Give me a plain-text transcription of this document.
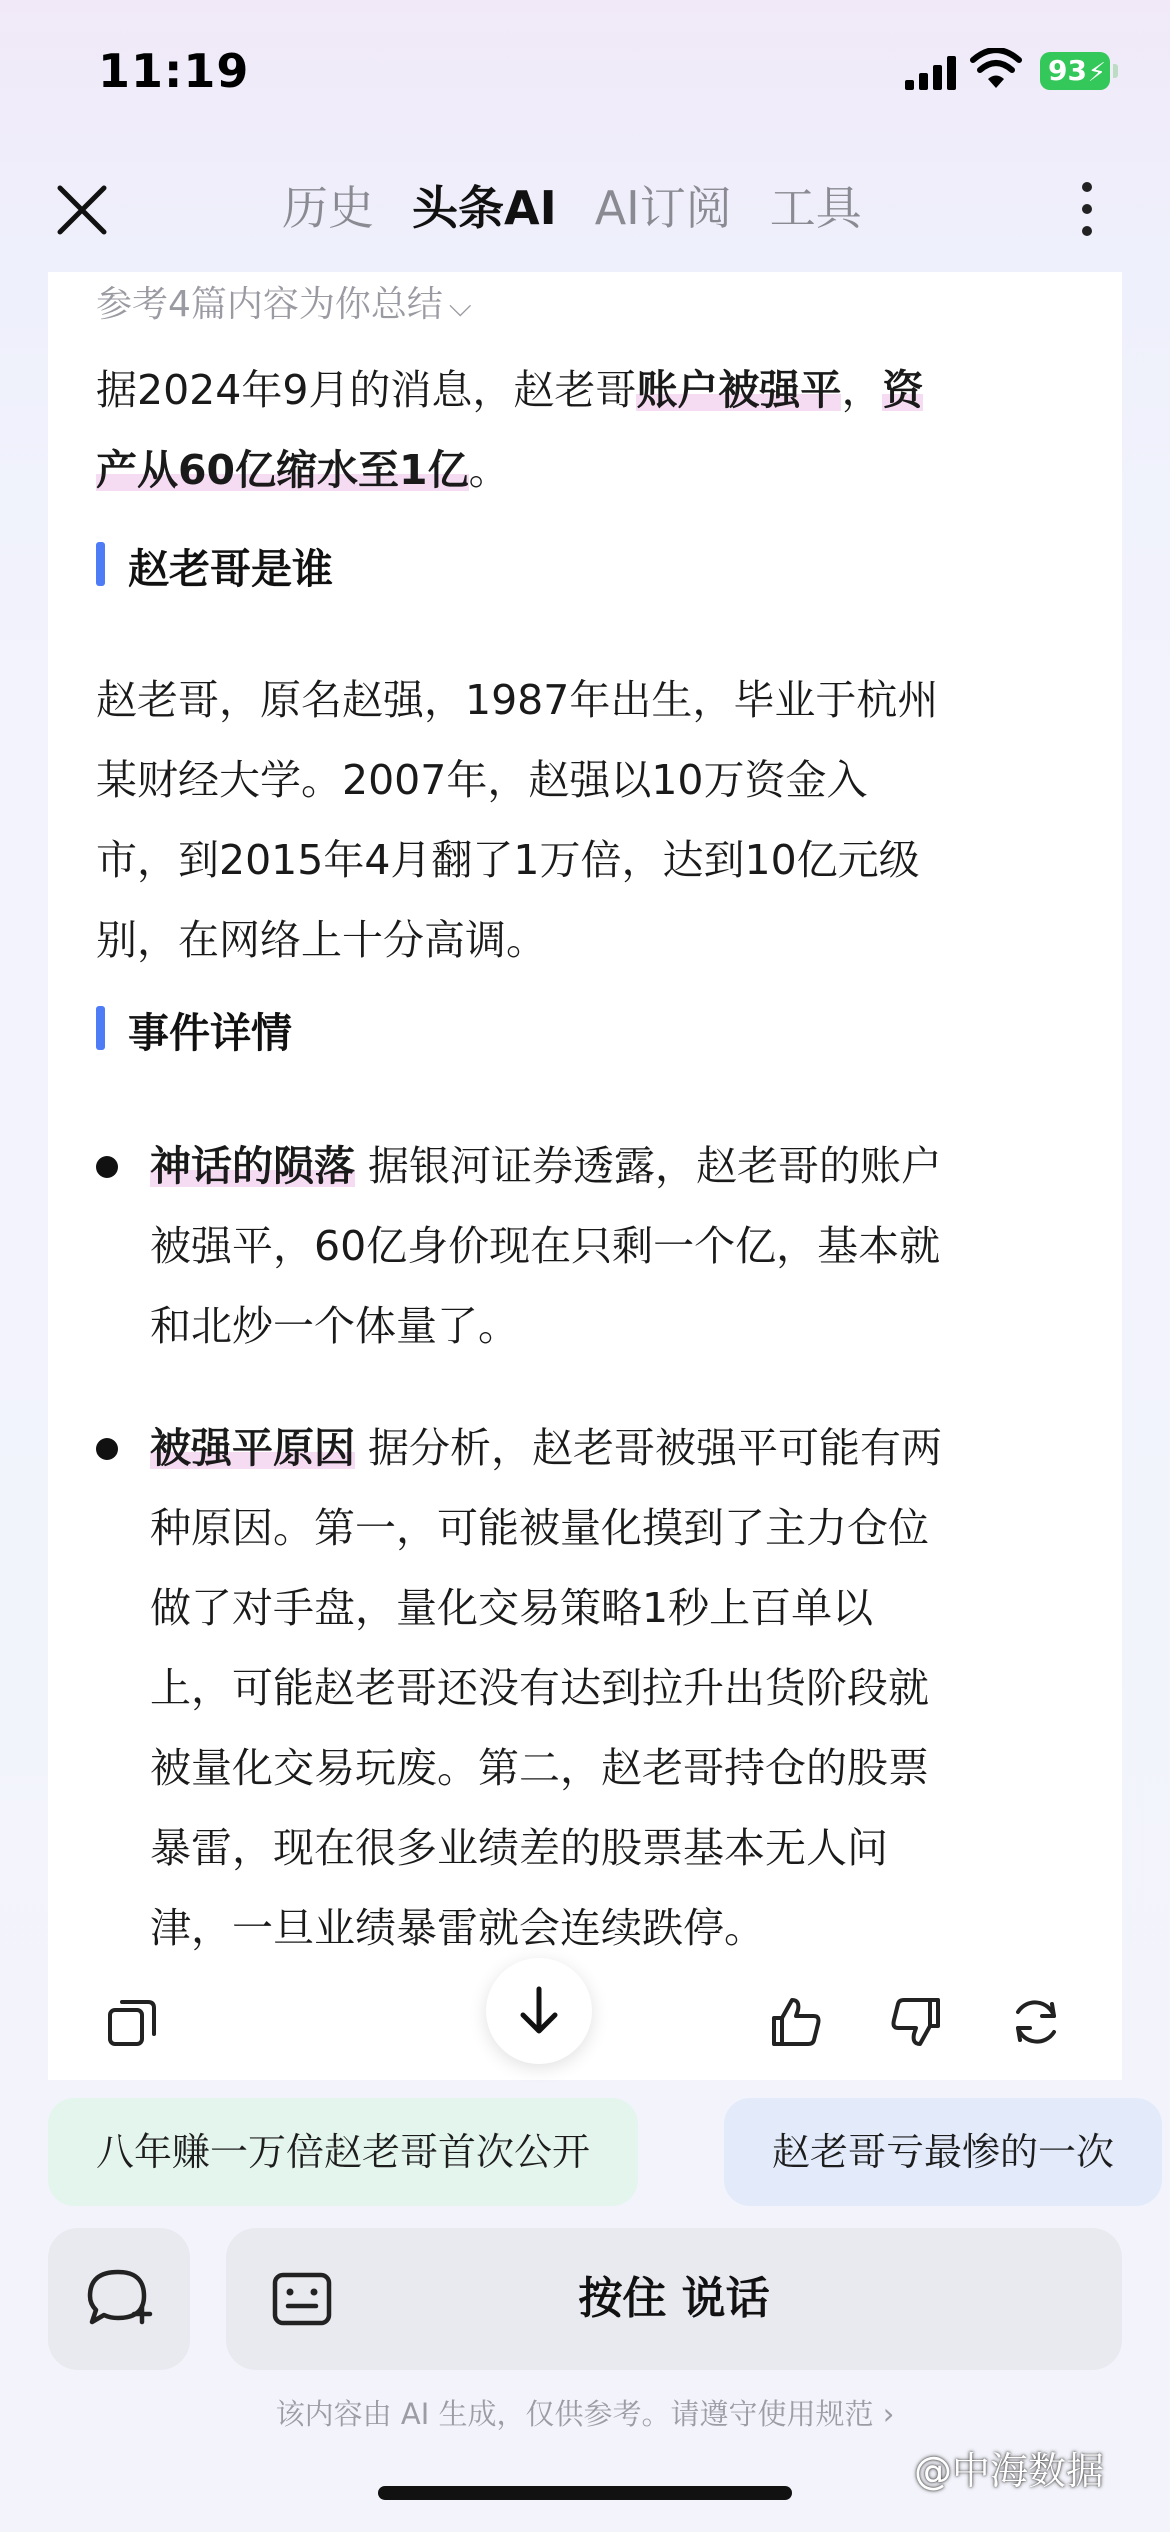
11:19	93 ⚡
历史 头条AI AI订阅 工具
参考4篇内容为你总结 ⌵
据2024年9月的消息，赵老哥账户被强平，资
产从60亿缩水至1亿。
赵老哥是谁
赵老哥，原名赵强，1987年出生，毕业于杭州
某财经大学。2007年，赵强以10万资金入
市，到2015年4月翻了1万倍，达到10亿元级
别，在网络上十分高调。
事件详情
神话的陨落 据银河证券透露，赵老哥的账户
被强平，60亿身价现在只剩一个亿，基本就
和北炒一个体量了。
被强平原因 据分析，赵老哥被强平可能有两
种原因。第一，可能被量化摸到了主力仓位
做了对手盘，量化交易策略1秒上百单以
上，可能赵老哥还没有达到拉升出货阶段就
被量化交易玩废。第二，赵老哥持仓的股票
暴雷，现在很多业绩差的股票基本无人问
津，一旦业绩暴雷就会连续跌停。
八年赚一万倍赵老哥首次公开	赵老哥亏最惨的一次
按住 说话
该内容由 AI 生成，仅供参考。请遵守使用规范 ›
@中海数据
